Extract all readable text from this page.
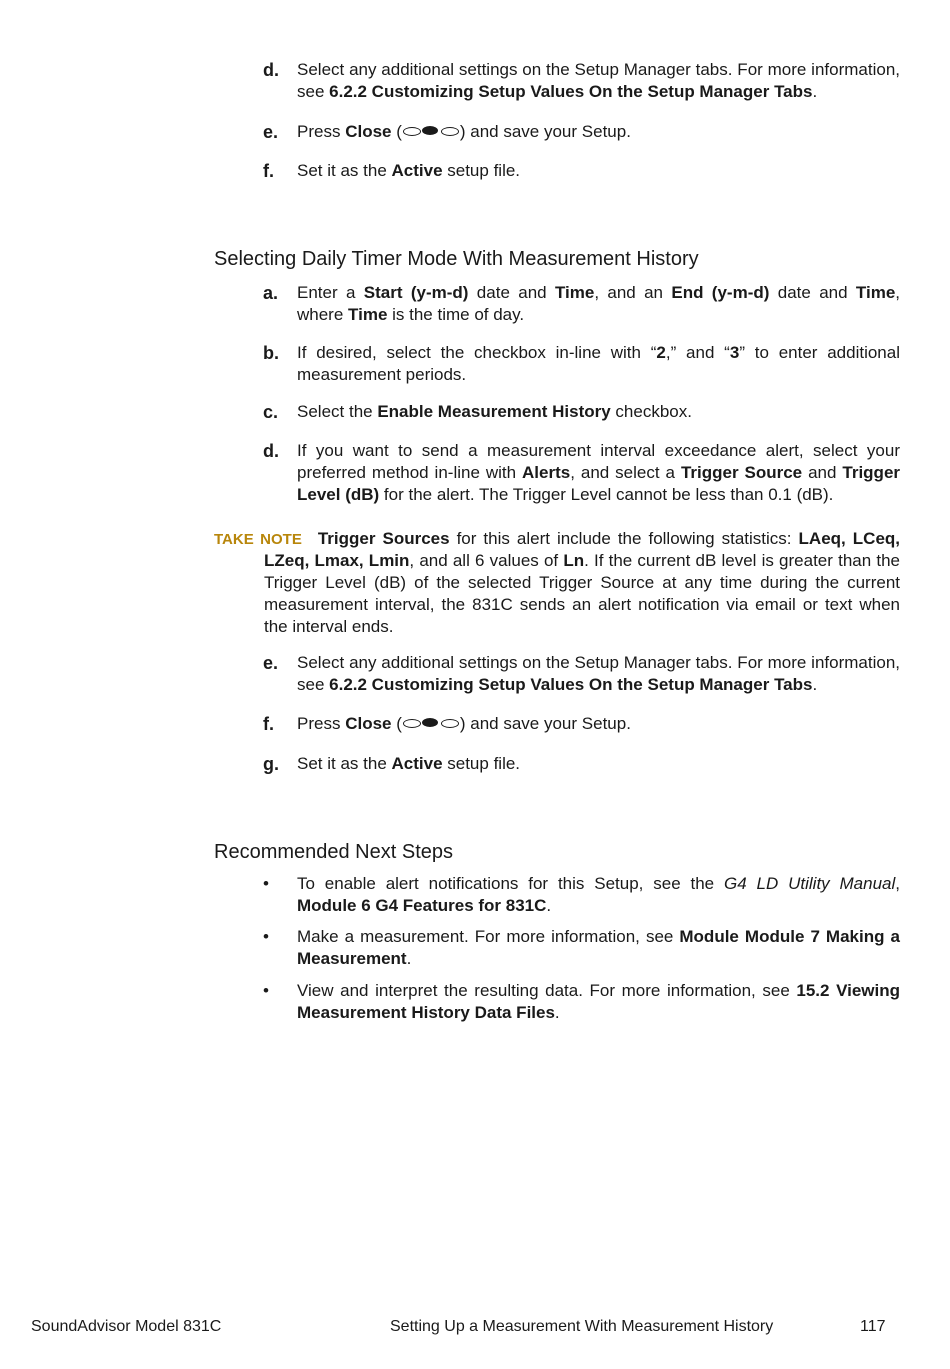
d. Select any additional settings on the Setup Manager tabs. For more information, see 6.2.2 Customizing Setup Values On the Setup Manager Tabs.
e. Press Close (	) and save your Setup.
f. Set it as the Active setup file.
Selecting Daily Timer Mode With Measurement History
a. Enter a Start (y-m-d) date and Time, and an End (y-m-d) date and Time, where Time is the time of day.
b. If desired, select the checkbox in-line with “2,” and “3” to enter additional measurement periods.
c. Select the Enable Measurement History checkbox.
d. If you want to send a measurement interval exceedance alert, select your preferred method in-line with Alerts, and select a Trigger Source and Trigger Level (dB) for the alert. The Trigger Level cannot be less than 0.1 (dB).
TAKE NOTE Trigger Sources for this alert include the following statistics: LAeq, LCeq,
LZeq, Lmax, Lmin, and all 6 values of Ln. If the current dB level is greater than the Trigger Level (dB) of the selected Trigger Source at any time during the current measurement interval, the 831C sends an alert notification via email or text when the interval ends.
e. Select any additional settings on the Setup Manager tabs. For more information, see 6.2.2 Customizing Setup Values On the Setup Manager Tabs.
f. Press Close (	) and save your Setup.
g. Set it as the Active setup file.
Recommended Next Steps
• To enable alert notifications for this Setup, see the G4 LD Utility Manual, Module 6 G4 Features for 831C.
• Make a measurement. For more information, see Module Module 7 Making a Measurement.
• View and interpret the resulting data. For more information, see 15.2 Viewing Measurement History Data Files.
SoundAdvisor Model 831C	Setting Up a Measurement With Measurement History	117
